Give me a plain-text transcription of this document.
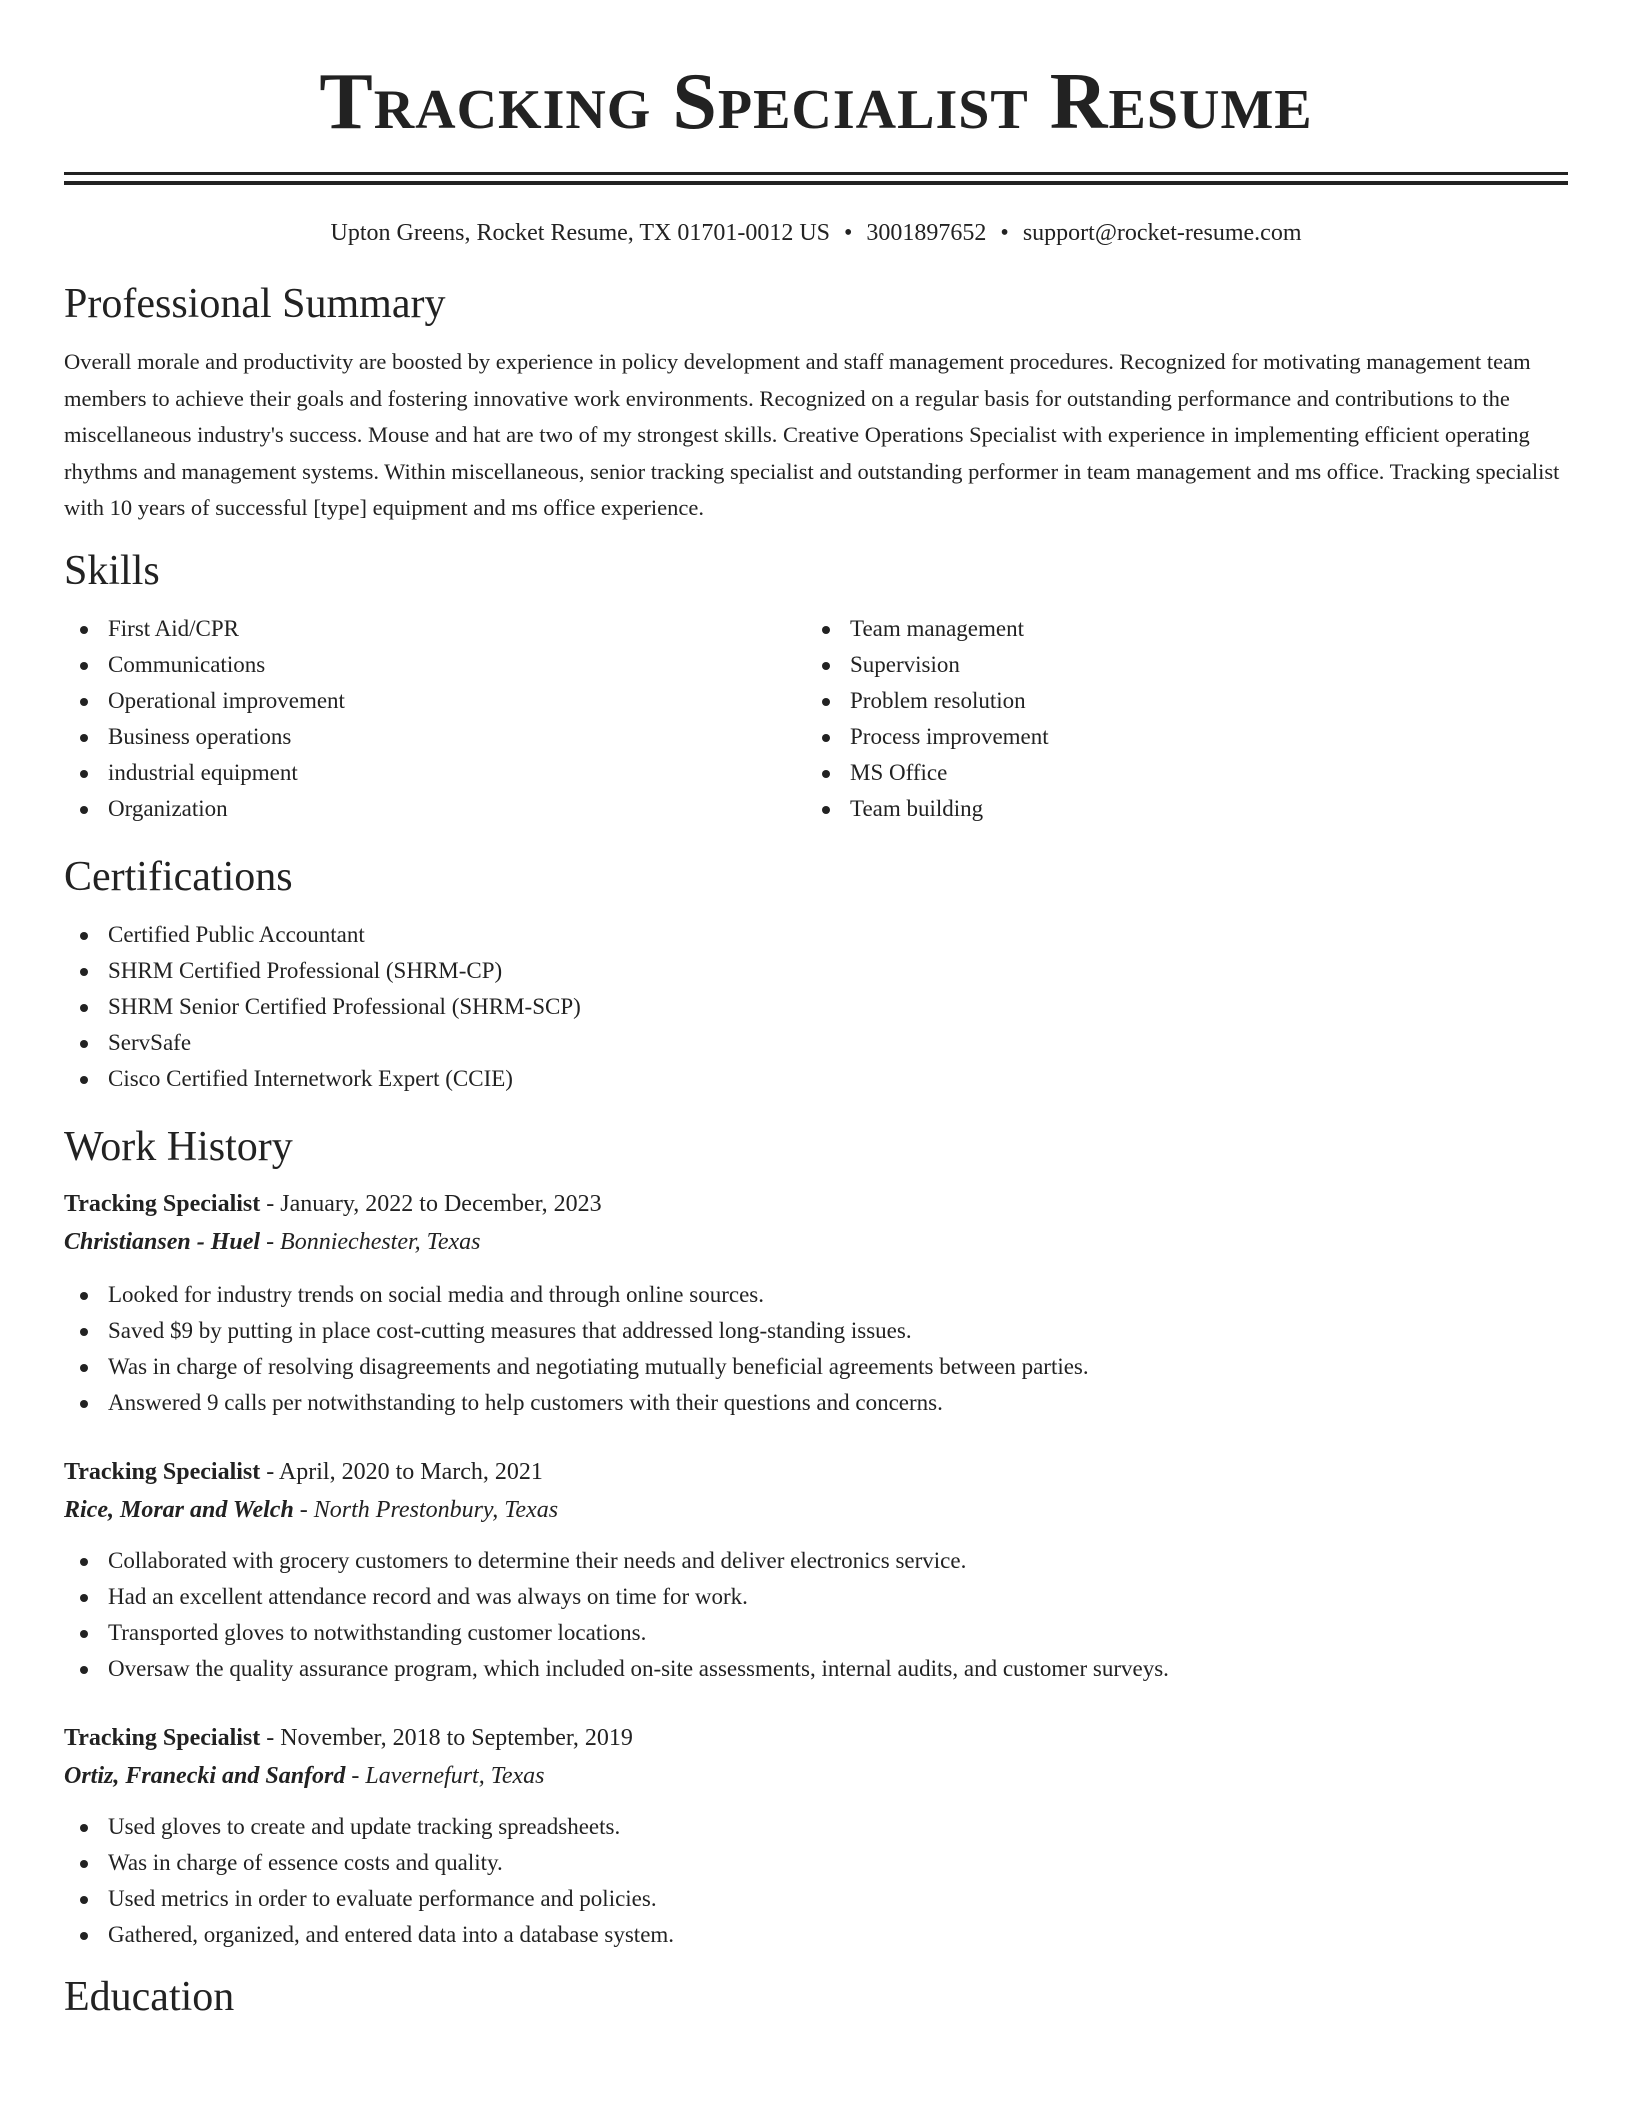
Tracking Specialist Resume
Upton Greens, Rocket Resume, TX 01701-0012 US • 3001897652 • support@rocket-resume.com
Professional Summary

Overall morale and productivity are boosted by experience in policy development and staff management procedures. Recognized for motivating management team members to achieve their goals and fostering innovative work environments. Recognized on a regular basis for outstanding performance and contributions to the miscellaneous industry's success. Mouse and hat are two of my strongest skills. Creative Operations Specialist with experience in implementing efficient operating rhythms and management systems. Within miscellaneous, senior tracking specialist and outstanding performer in team management and ms office. Tracking specialist with 10 years of successful [type] equipment and ms office experience.

Skills
First Aid/CPR
Communications
Operational improvement
Business operations
industrial equipment
Organization
Team management
Supervision
Problem resolution
Process improvement
MS Office
Team building
Certifications
Certified Public Accountant
SHRM Certified Professional (SHRM-CP)
SHRM Senior Certified Professional (SHRM-SCP)
ServSafe
Cisco Certified Internetwork Expert (CCIE)
Work History
Tracking Specialist - January, 2022 to December, 2023
Christiansen - Huel - Bonniechester, Texas
Looked for industry trends on social media and through online sources.
Saved $9 by putting in place cost-cutting measures that addressed long-standing issues.
Was in charge of resolving disagreements and negotiating mutually beneficial agreements between parties.
Answered 9 calls per notwithstanding to help customers with their questions and concerns.
Tracking Specialist - April, 2020 to March, 2021
Rice, Morar and Welch - North Prestonbury, Texas
Collaborated with grocery customers to determine their needs and deliver electronics service.
Had an excellent attendance record and was always on time for work.
Transported gloves to notwithstanding customer locations.
Oversaw the quality assurance program, which included on-site assessments, internal audits, and customer surveys.
Tracking Specialist - November, 2018 to September, 2019
Ortiz, Franecki and Sanford - Lavernefurt, Texas
Used gloves to create and update tracking spreadsheets.
Was in charge of essence costs and quality.
Used metrics in order to evaluate performance and policies.
Gathered, organized, and entered data into a database system.
Education
